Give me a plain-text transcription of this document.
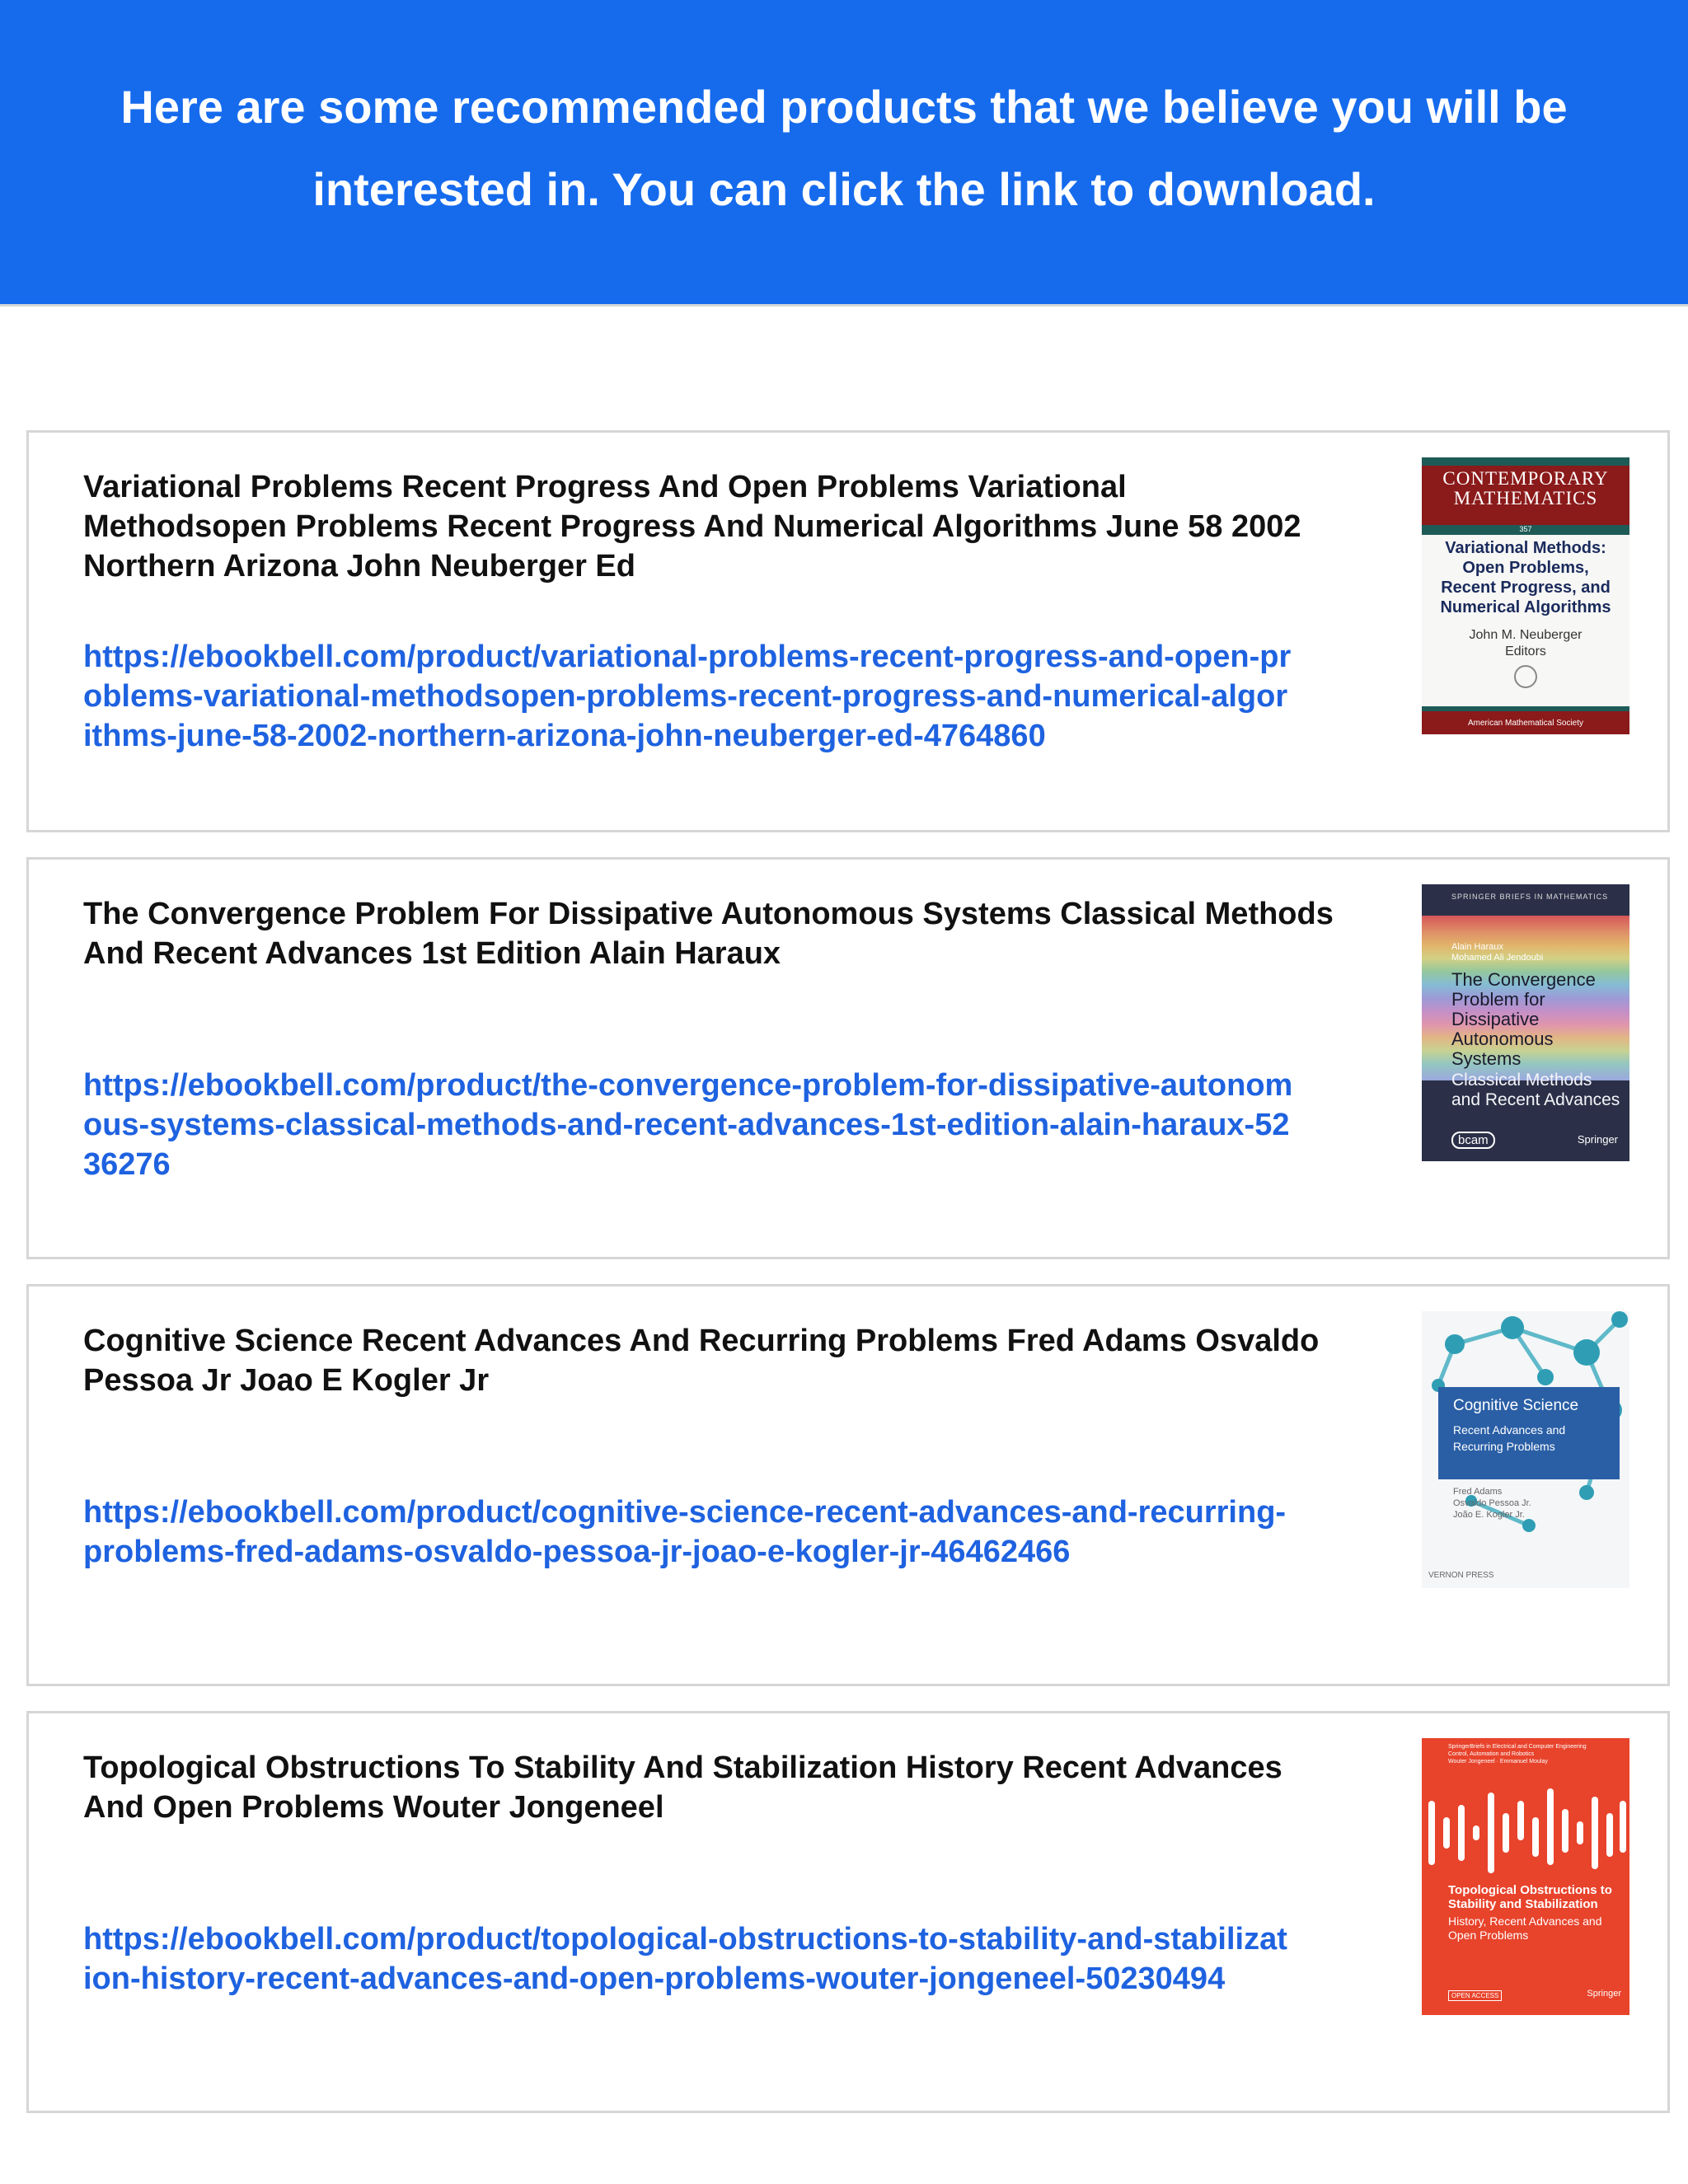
Here are some recommended products that we believe you will be
interested in. You can click the link to download.

Variational Problems Recent Progress And Open Problems Variational Methodsopen Problems Recent Progress And Numerical Algorithms June 58 2002 Northern Arizona John Neuberger Ed

https://ebookbell.com/product/variational-problems-recent-progress-and-open-problems-variational-methodsopen-problems-recent-progress-and-numerical-algorithms-june-58-2002-northern-arizona-john-neuberger-ed-4764860
CONTEMPORARY
MATHEMATICS
357

Variational Methods: Open Problems, Recent Progress, and Numerical Algorithms

John M. Neuberger
Editors

American Mathematical Society

The Convergence Problem For Dissipative Autonomous Systems Classical Methods And Recent Advances 1st Edition Alain Haraux

https://ebookbell.com/product/the-convergence-problem-for-dissipative-autonomous-systems-classical-methods-and-recent-advances-1st-edition-alain-haraux-5236276
SPRINGER BRIEFS IN MATHEMATICS
Alain Haraux
Mohamed Ali Jendoubi
The Convergence Problem for Dissipative Autonomous Systems
Classical Methods and Recent Advances
bcam	Springer

Cognitive Science Recent Advances And Recurring Problems Fred Adams Osvaldo Pessoa Jr Joao E Kogler Jr

https://ebookbell.com/product/cognitive-science-recent-advances-and-recurring-problems-fred-adams-osvaldo-pessoa-jr-joao-e-kogler-jr-46462466
Cognitive Science
Recent Advances and Recurring Problems
Fred Adams
Osvaldo Pessoa Jr.
João E. Kogler Jr.
VERNON PRESS

Topological Obstructions To Stability And Stabilization History Recent Advances And Open Problems Wouter Jongeneel

https://ebookbell.com/product/topological-obstructions-to-stability-and-stabilization-history-recent-advances-and-open-problems-wouter-jongeneel-50230494
SpringerBriefs in Electrical and Computer Engineering
Control, Automation and Robotics
Wouter Jongeneel · Emmanuel Moulay
Topological Obstructions to Stability and Stabilization
History, Recent Advances and Open Problems
OPEN ACCESS	Springer
